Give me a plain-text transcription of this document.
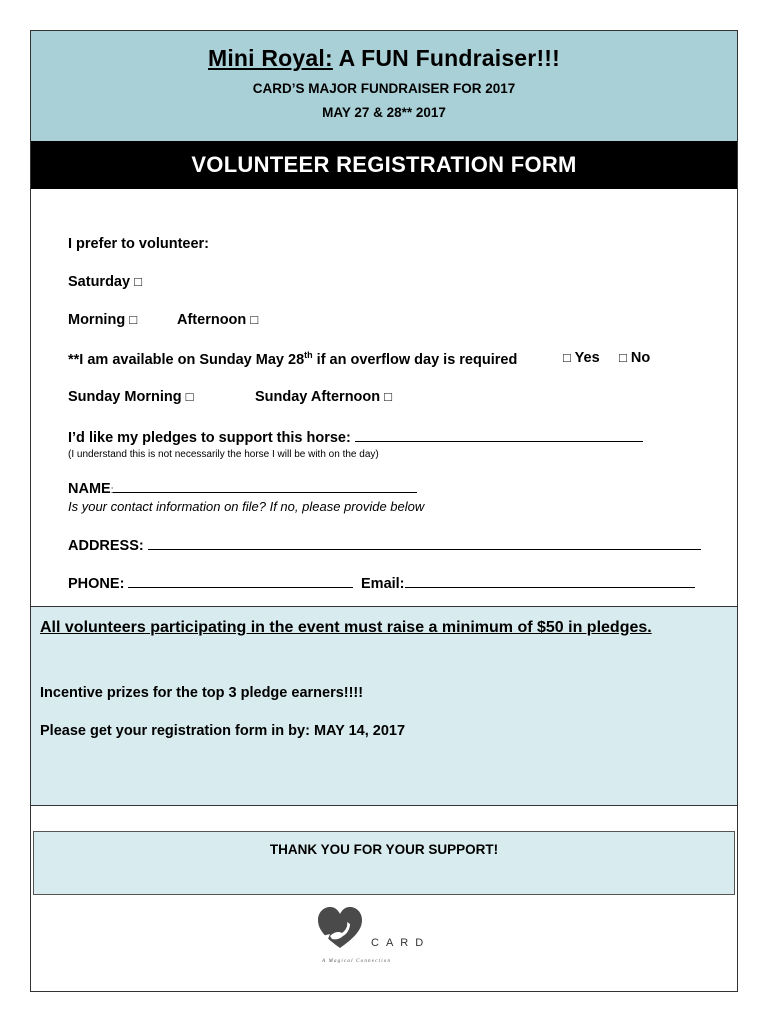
Mini Royal: A FUN Fundraiser!!!
CARD’S MAJOR FUNDRAISER FOR 2017
MAY 27 & 28** 2017
VOLUNTEER REGISTRATION FORM
I prefer to volunteer:
Saturday □
Morning □	Afternoon □
**I am available on Sunday May 28th if an overflow day is required	□ Yes □ No
Sunday Morning □	Sunday Afternoon □
I’d like my pledges to support this horse:
(I understand this is not necessarily the horse I will be with on the day)
NAME:
Is your contact information on file? If no, please provide below
ADDRESS:
PHONE:	Email:
All volunteers participating in the event must raise a minimum of $50 in pledges.
Incentive prizes for the top 3 pledge earners!!!!
Please get your registration form in by: MAY 14, 2017
THANK YOU FOR YOUR SUPPORT!
CARD
A Magical Connection
